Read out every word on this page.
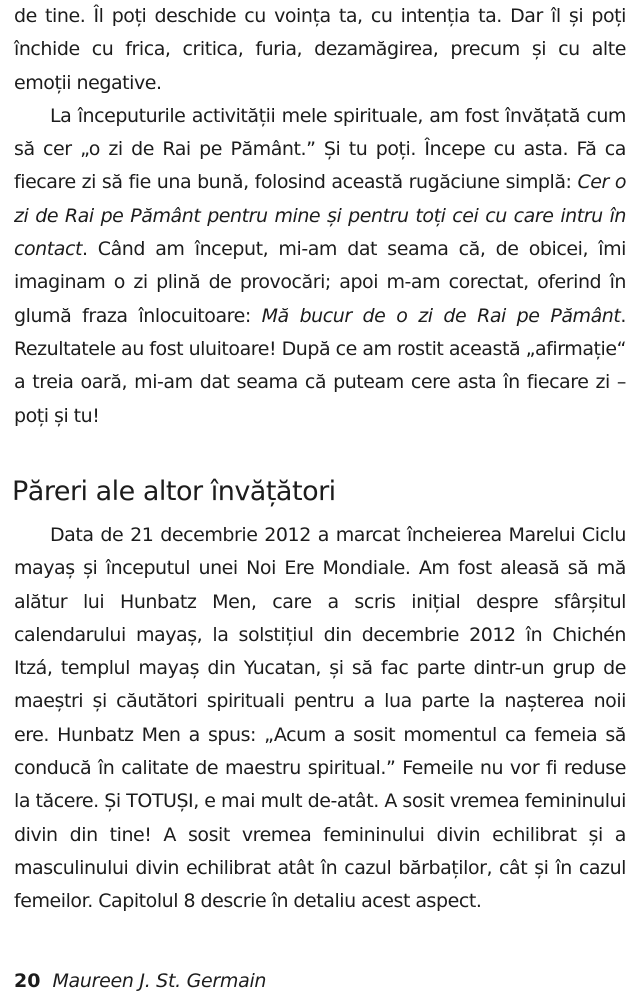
de tine. Îl poți deschide cu voința ta, cu intenția ta. Dar îl și poți închide cu frica, critica, furia, dezamăgirea, precum și cu alte emoții negative.

La începuturile activității mele spirituale, am fost învățată cum să cer „o zi de Rai pe Pământ.” Și tu poți. Începe cu asta. Fă ca fiecare zi să fie una bună, folosind această rugăciune simplă: Cer o zi de Rai pe Pământ pentru mine și pentru toți cei cu care intru în contact. Când am început, mi-am dat seama că, de obicei, îmi imaginam o zi plină de provocări; apoi m-am corectat, oferind în glumă fraza înlocuitoare: Mă bucur de o zi de Rai pe Pământ. Rezultatele au fost uluitoare! După ce am rostit această „afirmație“ a treia oară, mi-am dat seama că puteam cere asta în fiecare zi – poți și tu!

Păreri ale altor învățători

Data de 21 decembrie 2012 a marcat încheierea Marelui Ciclu mayaș și începutul unei Noi Ere Mondiale. Am fost aleasă să mă alătur lui Hunbatz Men, care a scris inițial despre sfârșitul calendarului mayaș, la solstițiul din decembrie 2012 în Chichén Itzá, templul mayaș din Yucatan, și să fac parte dintr-un grup de maeștri și căutători spirituali pentru a lua parte la nașterea noii ere. Hunbatz Men a spus: „Acum a sosit momentul ca femeia să conducă în calitate de maestru spiritual.” Femeile nu vor fi reduse la tăcere. Și TOTUȘI, e mai mult de-atât. A sosit vremea femininului divin din tine! A sosit vremea femininului divin echilibrat și a masculinului divin echilibrat atât în cazul bărbaților, cât și în cazul femeilor. Capitolul 8 descrie în detaliu acest aspect.

20 Maureen J. St. Germain
